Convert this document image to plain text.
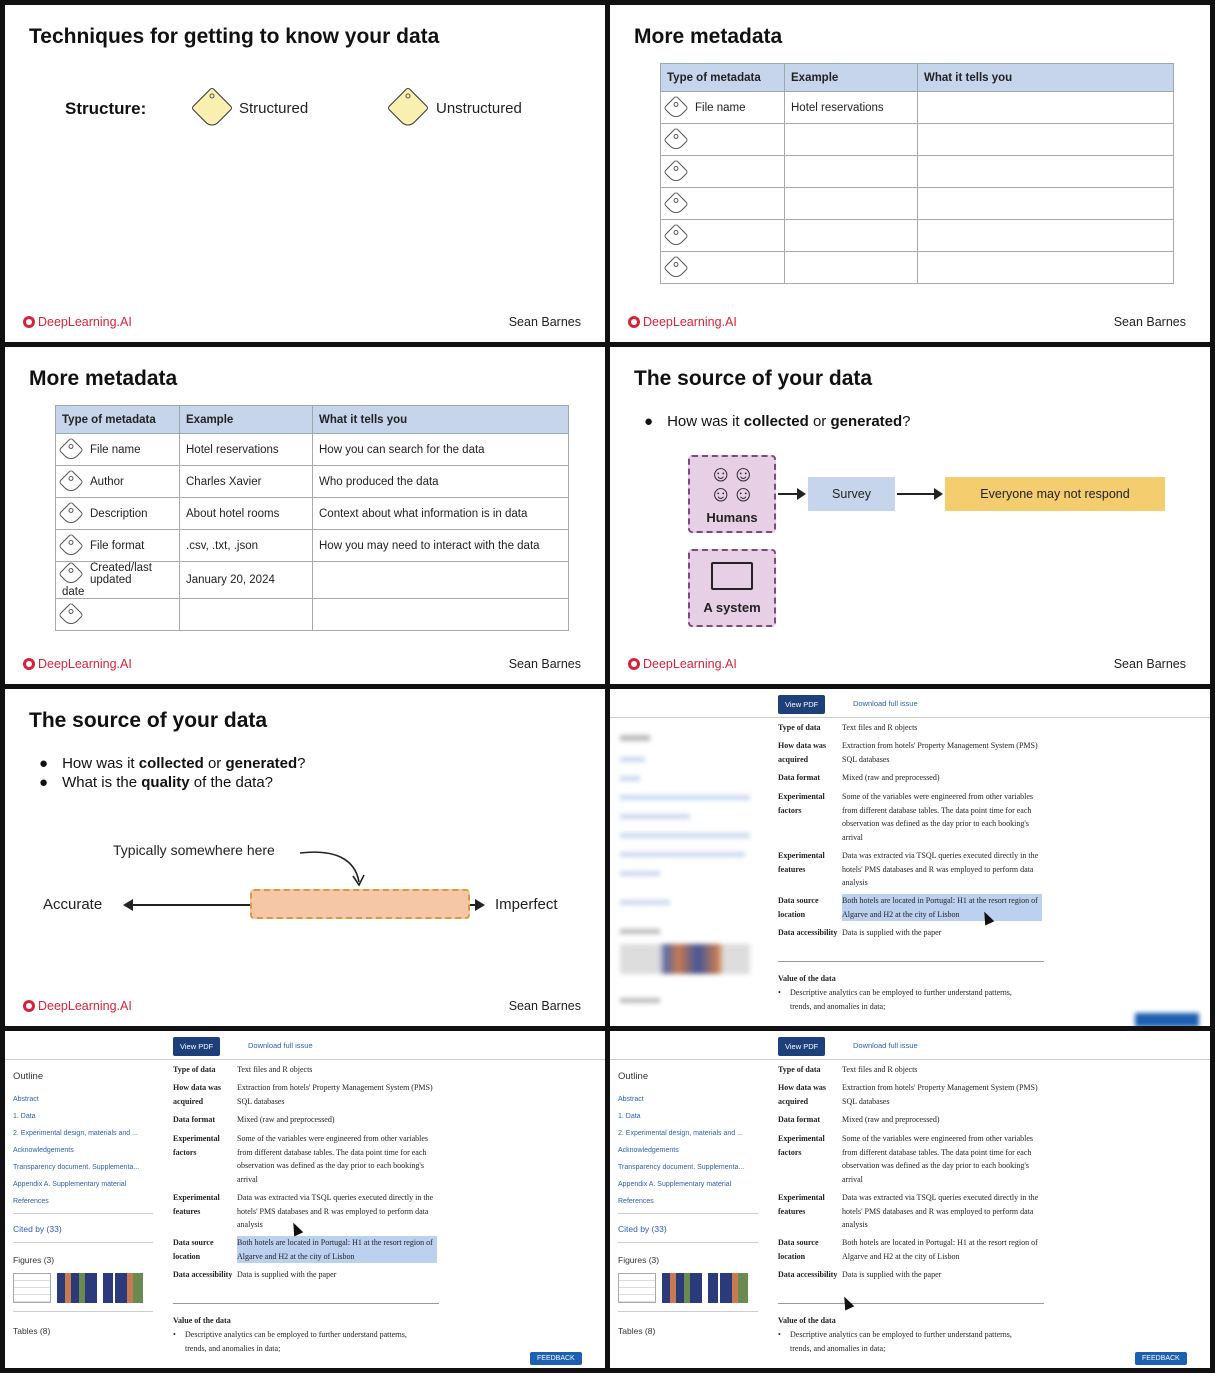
Techniques for getting to know your data
Structure:	Structured	Unstructured
DeepLearning.AI	Sean Barnes
More metadata
Type of metadata	Example	What it tells you
File name	Hotel reservations	

DeepLearning.AI	Sean Barnes
More metadata
Type of metadata	Example	What it tells you
File name	Hotel reservations	How you can search for the data
Author	Charles Xavier	Who produced the data
Description	About hotel rooms	Context about what information is in data
File format	.csv, .txt, .json	How you may need to interact with the data

Created/last updated date	January 20, 2024	

DeepLearning.AI	Sean Barnes
The source of your data
● How was it collected or generated?
☺☺
☺☺
Humans
Survey	Everyone may not respond
A system
DeepLearning.AI	Sean Barnes
The source of your data
● How was it collected or generated?
● What is the quality of the data?
Typically somewhere here
Accurate	Imperfect
DeepLearning.AI	Sean Barnes
View PDF	Download full issue
Type of data	Text files and R objects
How data was acquired
Extraction from hotels' Property Management System (PMS) SQL databases
Data format	Mixed (raw and preprocessed)
Experimental factors
Some of the variables were engineered from other variables from different database tables. The data point time for each observation was defined as the day prior to each booking's arrival
Experimental features
Data was extracted via TSQL queries executed directly in the hotels' PMS databases and R was employed to perform data analysis
Data source location
Both hotels are located in Portugal: H1 at the resort region of Algarve and H2 at the city of Lisbon
Data accessibility Data is supplied with the paper
Value of the data
• Descriptive analytics can be employed to further understand patterns, trends, and anomalies in data;
View PDF	Download full issue
Outline
Abstract
1. Data
2. Experimental design, materials and ...
Acknowledgements
Transparency document. Supplementa...
Appendix A. Supplementary material
References
Cited by (33)
Figures (3)
Tables (8)
Type of data	Text files and R objects
How data was acquired
Extraction from hotels' Property Management System (PMS) SQL databases
Data format	Mixed (raw and preprocessed)
Experimental factors
Some of the variables were engineered from other variables from different database tables. The data point time for each observation was defined as the day prior to each booking's arrival
Experimental features
Data was extracted via TSQL queries executed directly in the hotels' PMS databases and R was employed to perform data analysis
Data source location
Both hotels are located in Portugal: H1 at the resort region of Algarve and H2 at the city of Lisbon
Data accessibility Data is supplied with the paper
Value of the data
• Descriptive analytics can be employed to further understand patterns, trends, and anomalies in data;
FEEDBACK
View PDF	Download full issue
Outline
Abstract
1. Data
2. Experimental design, materials and ...
Acknowledgements
Transparency document. Supplementa...
Appendix A. Supplementary material
References
Cited by (33)
Figures (3)
Tables (8)
Type of data	Text files and R objects
How data was acquired
Extraction from hotels' Property Management System (PMS) SQL databases
Data format	Mixed (raw and preprocessed)
Experimental factors
Some of the variables were engineered from other variables from different database tables. The data point time for each observation was defined as the day prior to each booking's arrival
Experimental features
Data was extracted via TSQL queries executed directly in the hotels' PMS databases and R was employed to perform data analysis
Data source location
Both hotels are located in Portugal: H1 at the resort region of Algarve and H2 at the city of Lisbon
Data accessibility Data is supplied with the paper
Value of the data
• Descriptive analytics can be employed to further understand patterns, trends, and anomalies in data;
FEEDBACK
